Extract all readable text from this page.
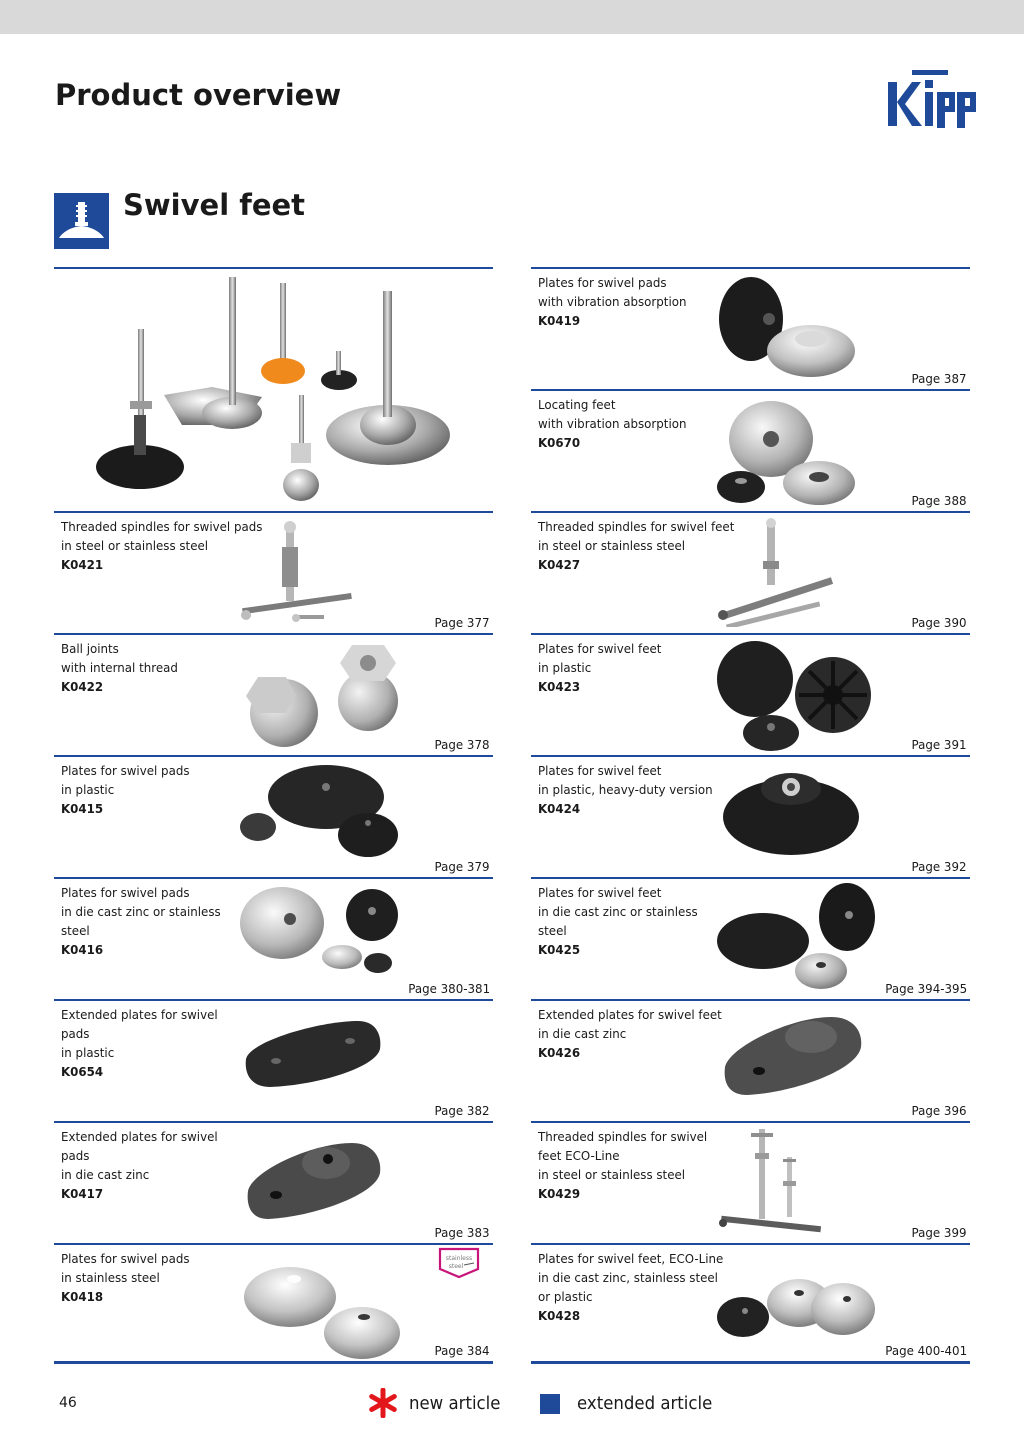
Product overview
Swivel feet
Threaded spindles for swivel pads
in steel or stainless steel
K0421
Page 377
Ball joints
with internal thread
K0422
Page 378
Plates for swivel pads
in plastic
K0415
Page 379
Plates for swivel pads
in die cast zinc or stainless
steel
K0416
Page 380-381
Extended plates for swivel
pads
in plastic
K0654
Page 382
Extended plates for swivel
pads
in die cast zinc
K0417
Page 383
Plates for swivel pads
in stainless steel
K0418
Page 384
stainless
steel
Plates for swivel pads
with vibration absorption
K0419
Page 387
Locating feet
with vibration absorption
K0670
Page 388
Threaded spindles for swivel feet
in steel or stainless steel
K0427
Page 390
Plates for swivel feet
in plastic
K0423
Page 391
Plates for swivel feet
in plastic, heavy-duty version
K0424
Page 392
Plates for swivel feet
in die cast zinc or stainless
steel
K0425
Page 394-395
Extended plates for swivel feet
in die cast zinc
K0426
Page 396
Threaded spindles for swivel
feet ECO-Line
in steel or stainless steel
K0429
Page 399
Plates for swivel feet, ECO-Line
in die cast zinc, stainless steel
or plastic
K0428
Page 400-401
46	new article	extended article
